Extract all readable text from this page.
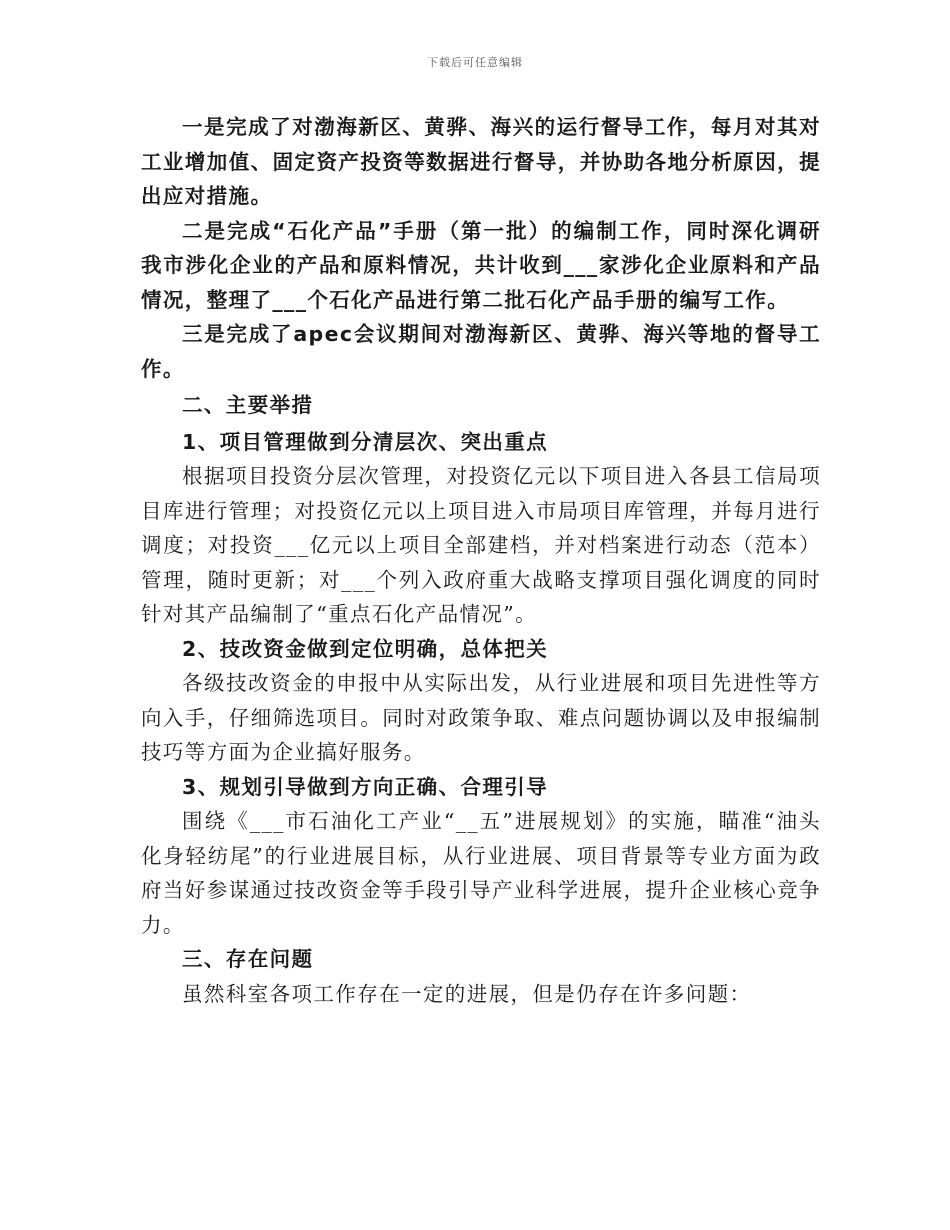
下载后可任意编辑

一是完成了对渤海新区、黄骅、海兴的运行督导工作，每月对其对工业增加值、固定资产投资等数据进行督导，并协助各地分析原因，提出应对措施。

二是完成“石化产品”手册（第一批）的编制工作，同时深化调研我市涉化企业的产品和原料情况，共计收到___家涉化企业原料和产品情况，整理了___个石化产品进行第二批石化产品手册的编写工作。

三是完成了apec会议期间对渤海新区、黄骅、海兴等地的督导工作。

二、主要举措

1、项目管理做到分清层次、突出重点

根据项目投资分层次管理，对投资亿元以下项目进入各县工信局项目库进行管理；对投资亿元以上项目进入市局项目库管理，并每月进行调度；对投资___亿元以上项目全部建档，并对档案进行动态（范本）管理，随时更新；对___个列入政府重大战略支撑项目强化调度的同时针对其产品编制了“重点石化产品情况”。

2、技改资金做到定位明确，总体把关

各级技改资金的申报中从实际出发，从行业进展和项目先进性等方向入手，仔细筛选项目。同时对政策争取、难点问题协调以及申报编制技巧等方面为企业搞好服务。

3、规划引导做到方向正确、合理引导

围绕《___市石油化工产业“__五”进展规划》的实施，瞄准“油头化身轻纺尾”的行业进展目标，从行业进展、项目背景等专业方面为政府当好参谋通过技改资金等手段引导产业科学进展，提升企业核心竞争力。

三、存在问题

虽然科室各项工作存在一定的进展，但是仍存在许多问题：
